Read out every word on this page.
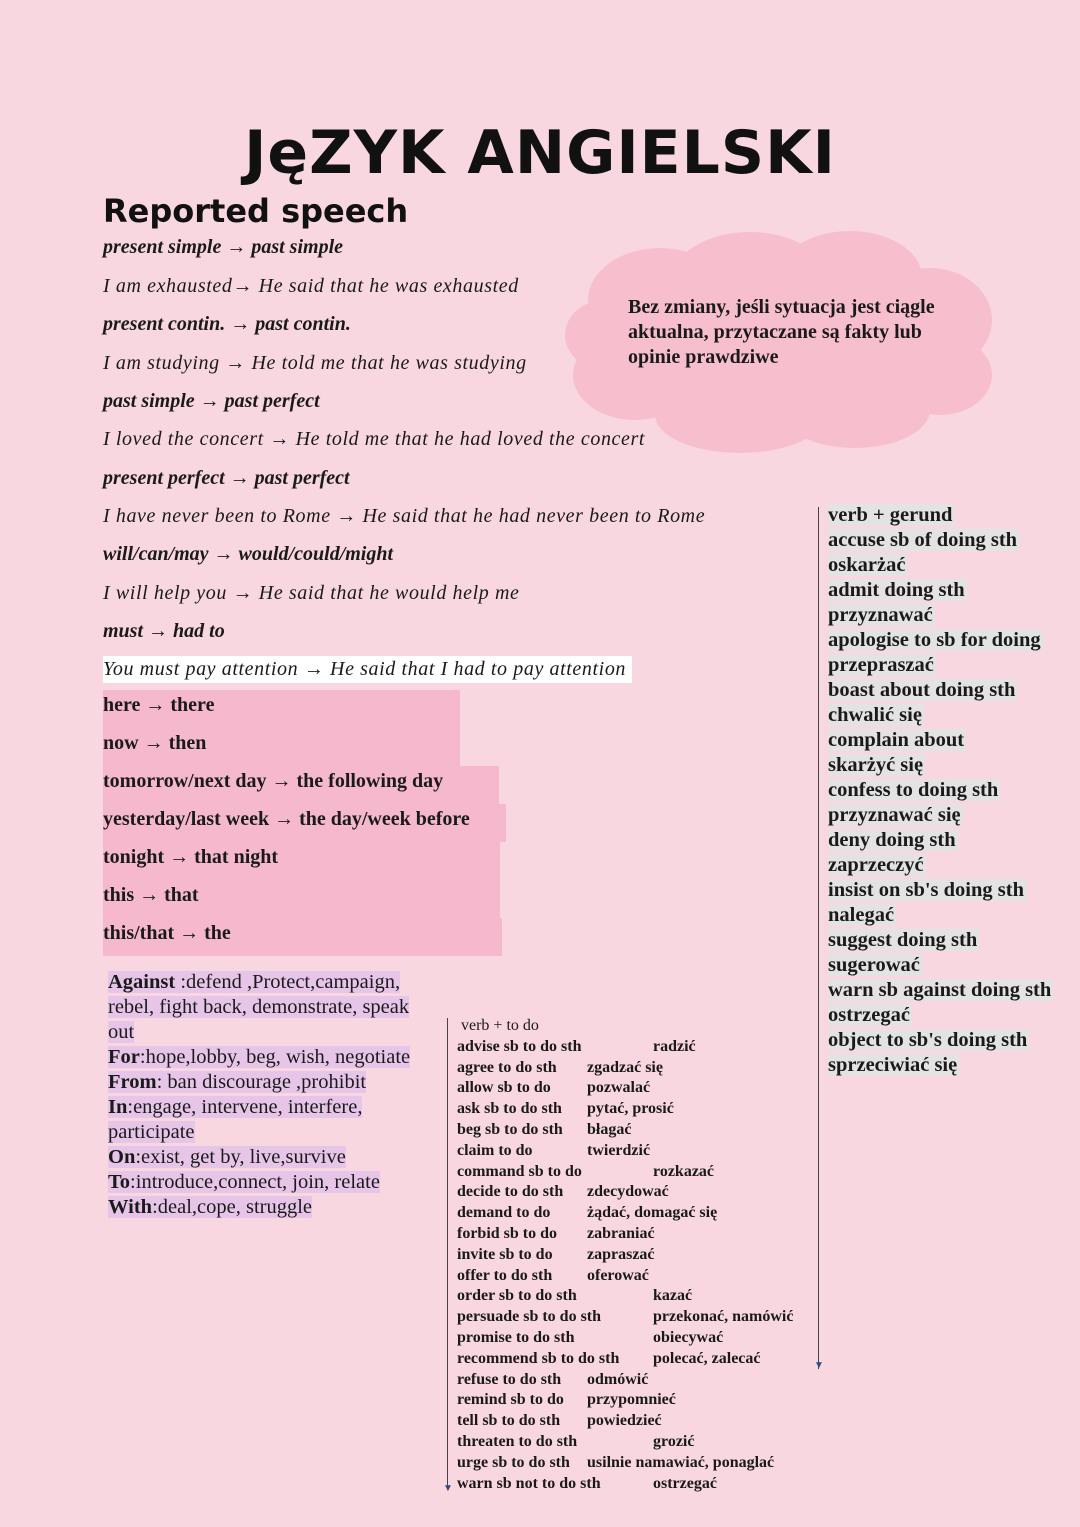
JęZYK ANGIELSKI
Reported speech
present simple → past simple
I am exhausted→ He said that he was exhausted
present contin. → past contin.
I am studying → He told me that he was studying
past simple → past perfect
I loved the concert → He told me that he had loved the concert
present perfect → past perfect
I have never been to Rome → He said that he had never been to Rome
will/can/may → would/could/might
I will help you → He said that he would help me
must → had to
You must pay attention → He said that I had to pay attention
here → there
now → then
tomorrow/next day → the following day
yesterday/last week → the day/week before
tonight → that night
this → that
this/that → the
Bez zmiany, jeśli sytuacja jest ciągle aktualna, przytaczane są fakty lub opinie prawdziwe
Against :defend ,Protect,campaign,
rebel, fight back, demonstrate, speak
out
For:hope,lobby, beg, wish, negotiate
From: ban discourage ,prohibit
In:engage, intervene, interfere,
participate
On:exist, get by, live,survive
To:introduce,connect, join, relate
With:deal,cope, struggle
▼
verb + to do
advise sb to do sth	radzić
agree to do sth zgadzać się
allow sb to do pozwalać
ask sb to do sth pytać, prosić
beg sb to do sth błagać
claim to do	twierdzić
command sb to do	rozkazać
decide to do sth zdecydować
demand to do żądać, domagać się
forbid sb to do zabraniać
invite sb to do zapraszać
offer to do sth oferować
order sb to do sth	kazać
persuade sb to do sth	przekonać, namówić
promise to do sth	obiecywać
recommend sb to do sth polecać, zalecać
refuse to do sth odmówić
remind sb to do przypomnieć
tell sb to do sth powiedzieć
threaten to do sth	grozić
urge sb to do sth usilnie namawiać, ponaglać
warn sb not to do sth	ostrzegać
▼
verb + gerund
accuse sb of doing sth
oskarżać
admit doing sth
przyznawać
apologise to sb for doing
przepraszać
boast about doing sth
chwalić się
complain about
skarżyć się
confess to doing sth
przyznawać się
deny doing sth
zaprzeczyć
insist on sb's doing sth
nalegać
suggest doing sth
sugerować
warn sb against doing sth
ostrzegać
object to sb's doing sth
sprzeciwiać się
